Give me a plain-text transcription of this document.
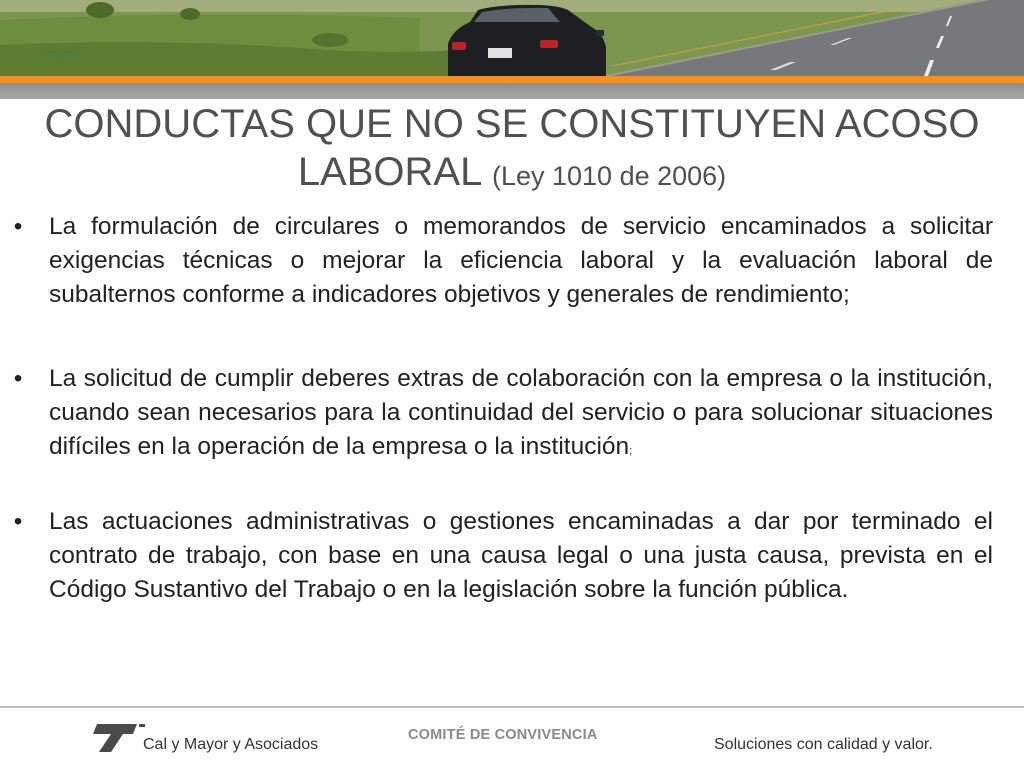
CONDUCTAS QUE NO SE CONSTITUYEN ACOSO LABORAL (Ley 1010 de 2006)
• La formulación de circulares o memorandos de servicio encaminados a solicitar exigencias técnicas o mejorar la eficiencia laboral y la evaluación laboral de subalternos conforme a indicadores objetivos y generales de rendimiento;
• La solicitud de cumplir deberes extras de colaboración con la empresa o la institución, cuando sean necesarios para la continuidad del servicio o para solucionar situaciones difíciles en la operación de la empresa o la institución;
• Las actuaciones administrativas o gestiones encaminadas a dar por terminado el contrato de trabajo, con base en una causa legal o una justa causa, prevista en el Código Sustantivo del Trabajo o en la legislación sobre la función pública.
Cal y Mayor y Asociados
COMITÉ DE CONVIVENCIA
Soluciones con calidad y valor.
